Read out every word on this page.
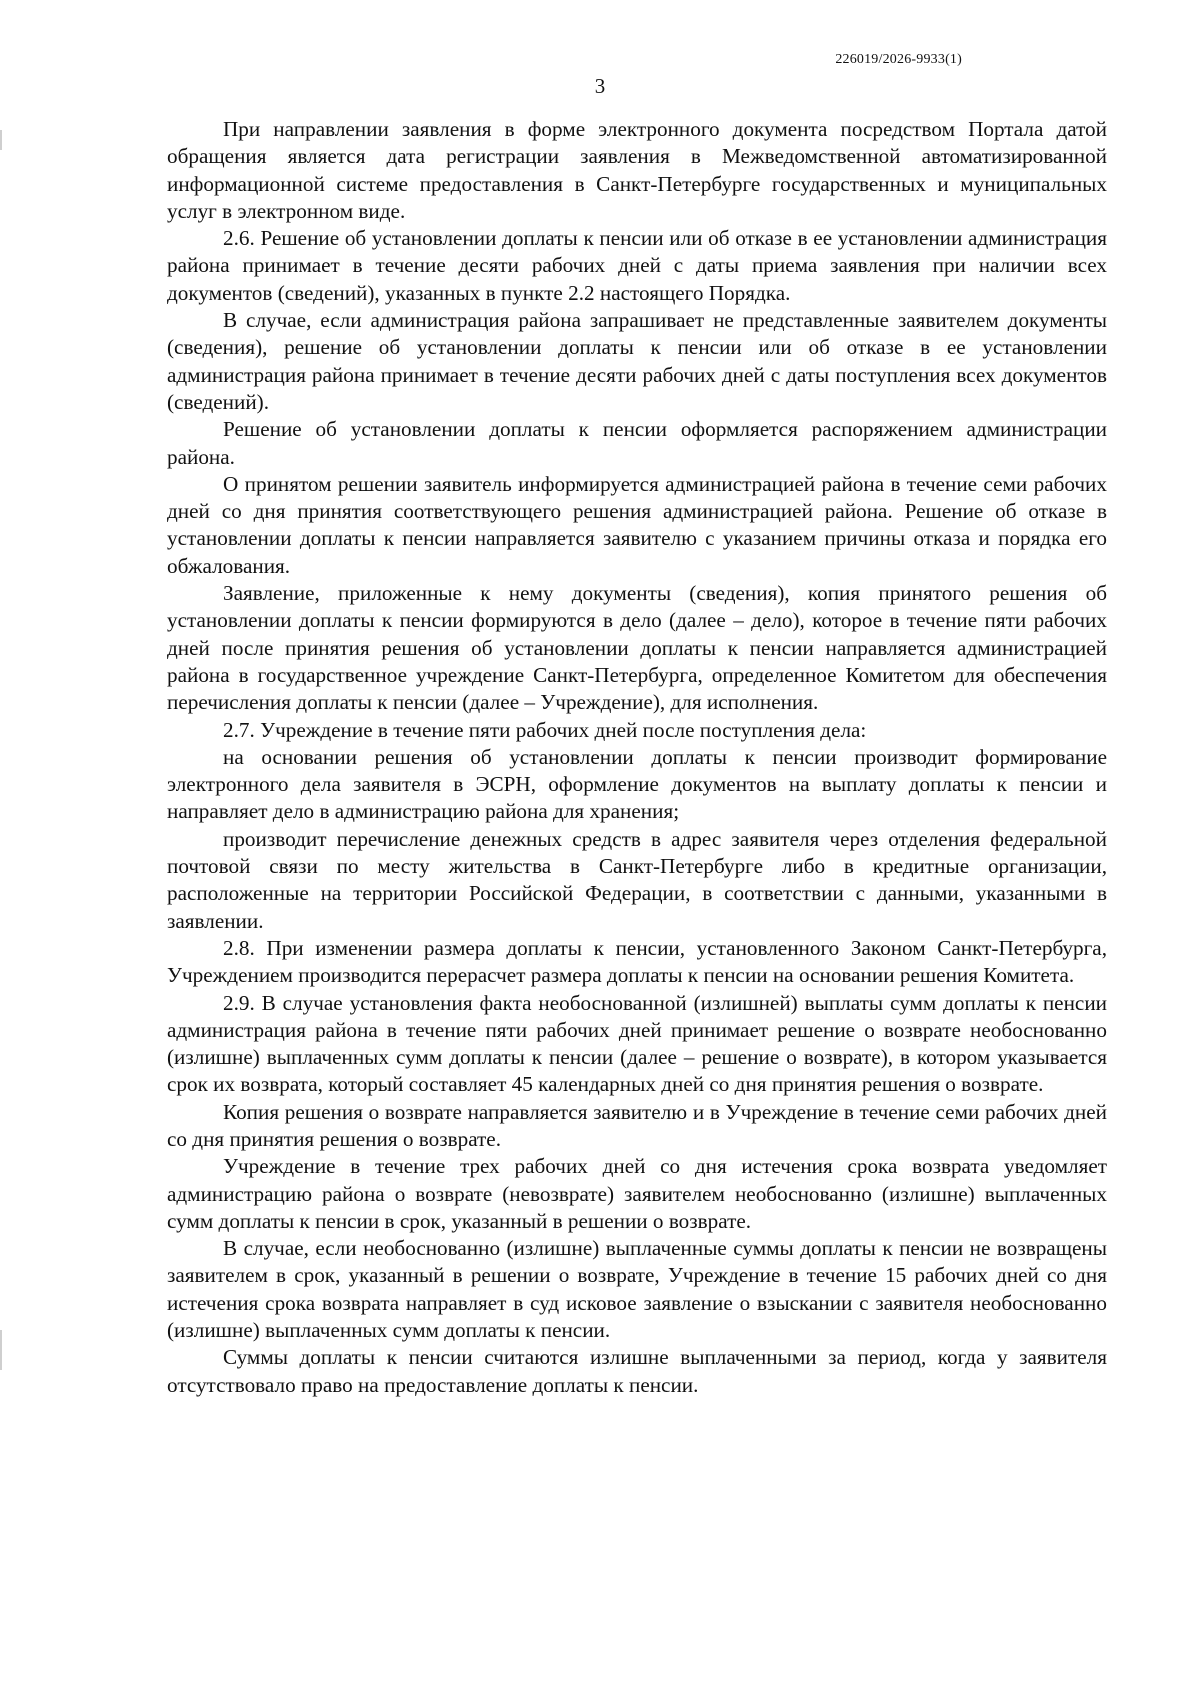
226019/2026-9933(1)
3

При направлении заявления в форме электронного документа посредством Портала датой обращения является дата регистрации заявления в Межведомственной автоматизированной информационной системе предоставления в Санкт-Петербурге государственных и муниципальных услуг в электронном виде.

2.6. Решение об установлении доплаты к пенсии или об отказе в ее установлении администрация района принимает в течение десяти рабочих дней с даты приема заявления при наличии всех документов (сведений), указанных в пункте 2.2 настоящего Порядка.

В случае, если администрация района запрашивает не представленные заявителем документы (сведения), решение об установлении доплаты к пенсии или об отказе в ее установлении администрация района принимает в течение десяти рабочих дней с даты поступления всех документов (сведений).

Решение об установлении доплаты к пенсии оформляется распоряжением администрации района.

О принятом решении заявитель информируется администрацией района в течение семи рабочих дней со дня принятия соответствующего решения администрацией района. Решение об отказе в установлении доплаты к пенсии направляется заявителю с указанием причины отказа и порядка его обжалования.

Заявление, приложенные к нему документы (сведения), копия принятого решения об установлении доплаты к пенсии формируются в дело (далее – дело), которое в течение пяти рабочих дней после принятия решения об установлении доплаты к пенсии направляется администрацией района в государственное учреждение Санкт-Петербурга, определенное Комитетом для обеспечения перечисления доплаты к пенсии (далее – Учреждение), для исполнения.

2.7. Учреждение в течение пяти рабочих дней после поступления дела:

на основании решения об установлении доплаты к пенсии производит формирование электронного дела заявителя в ЭСРН, оформление документов на выплату доплаты к пенсии и направляет дело в администрацию района для хранения;

производит перечисление денежных средств в адрес заявителя через отделения федеральной почтовой связи по месту жительства в Санкт-Петербурге либо в кредитные организации, расположенные на территории Российской Федерации, в соответствии с данными, указанными в заявлении.

2.8. При изменении размера доплаты к пенсии, установленного Законом Санкт-Петербурга, Учреждением производится перерасчет размера доплаты к пенсии на основании решения Комитета.

2.9. В случае установления факта необоснованной (излишней) выплаты сумм доплаты к пенсии администрация района в течение пяти рабочих дней принимает решение о возврате необоснованно (излишне) выплаченных сумм доплаты к пенсии (далее – решение о возврате), в котором указывается срок их возврата, который составляет 45 календарных дней со дня принятия решения о возврате.

Копия решения о возврате направляется заявителю и в Учреждение в течение семи рабочих дней со дня принятия решения о возврате.

Учреждение в течение трех рабочих дней со дня истечения срока возврата уведомляет администрацию района о возврате (невозврате) заявителем необоснованно (излишне) выплаченных сумм доплаты к пенсии в срок, указанный в решении о возврате.

В случае, если необоснованно (излишне) выплаченные суммы доплаты к пенсии не возвращены заявителем в срок, указанный в решении о возврате, Учреждение в течение 15 рабочих дней со дня истечения срока возврата направляет в суд исковое заявление о взыскании с заявителя необоснованно (излишне) выплаченных сумм доплаты к пенсии.

Суммы доплаты к пенсии считаются излишне выплаченными за период, когда у заявителя отсутствовало право на предоставление доплаты к пенсии.
